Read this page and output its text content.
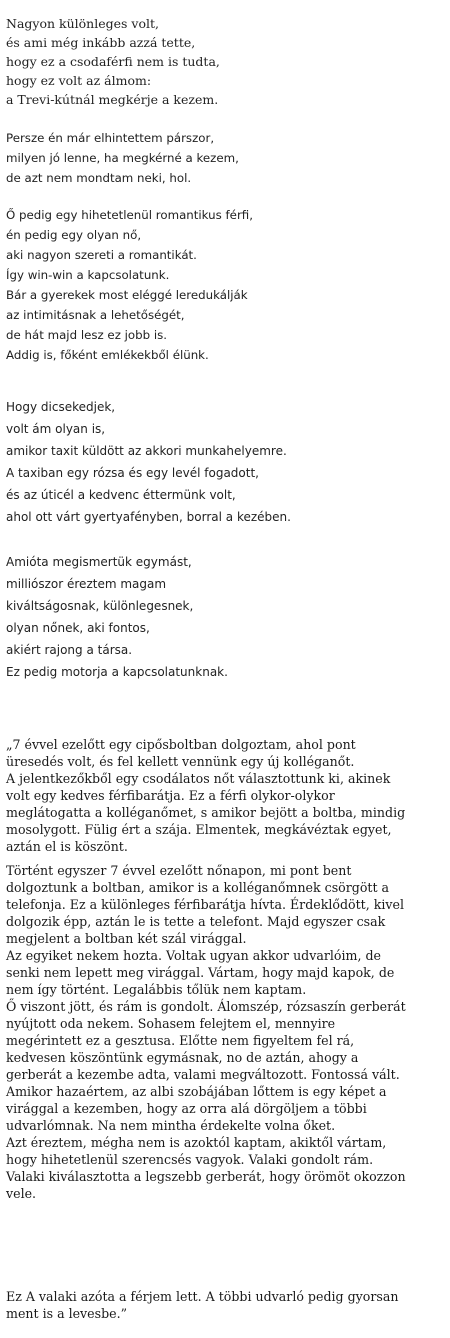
Nagyon különleges volt,
és ami még inkább azzá tette,
hogy ez a csodaférfi nem is tudta,
hogy ez volt az álmom:
a Trevi-kútnál megkérje a kezem.
Persze én már elhintettem párszor,
milyen jó lenne, ha megkérné a kezem,
de azt nem mondtam neki, hol.
Ő pedig egy hihetetlenül romantikus férfi,
én pedig egy olyan nő,
aki nagyon szereti a romantikát.
Így win-win a kapcsolatunk.
Bár a gyerekek most eléggé leredukálják
az intimitásnak a lehetőségét,
de hát majd lesz ez jobb is.
Addig is, főként emlékekből élünk.
Hogy dicsekedjek,
volt ám olyan is,
amikor taxit küldött az akkori munkahelyemre.
A taxiban egy rózsa és egy levél fogadott,
és az úticél a kedvenc éttermünk volt,
ahol ott várt gyertyafényben, borral a kezében.
Amióta megismertük egymást,
milliószor éreztem magam
kiváltságosnak, különlegesnek,
olyan nőnek, aki fontos,
akiért rajong a társa.
Ez pedig motorja a kapcsolatunknak.
„7 évvel ezelőtt egy cipősboltban dolgoztam, ahol pont
üresedés volt, és fel kellett vennünk egy új kolléganőt.
A jelentkezőkből egy csodálatos nőt választottunk ki, akinek
volt egy kedves férfibarátja. Ez a férfi olykor-olykor
meglátogatta a kolléganőmet, s amikor bejött a boltba, mindig
mosolygott. Fülig ért a szája. Elmentek, megkávéztak egyet,
aztán el is köszönt.
Történt egyszer 7 évvel ezelőtt nőnapon, mi pont bent
dolgoztunk a boltban, amikor is a kolléganőmnek csörgött a
telefonja. Ez a különleges férfibarátja hívta. Érdeklődött, kivel
dolgozik épp, aztán le is tette a telefont. Majd egyszer csak
megjelent a boltban két szál virággal.
Az egyiket nekem hozta. Voltak ugyan akkor udvarlóim, de
senki nem lepett meg virággal. Vártam, hogy majd kapok, de
nem így történt. Legalábbis tőlük nem kaptam.
Ő viszont jött, és rám is gondolt. Álomszép, rózsaszín gerberát
nyújtott oda nekem. Sohasem felejtem el, mennyire
megérintett ez a gesztusa. Előtte nem figyeltem fel rá,
kedvesen köszöntünk egymásnak, no de aztán, ahogy a
gerberát a kezembe adta, valami megváltozott. Fontossá vált.
Amikor hazaértem, az albi szobájában lőttem is egy képet a
virággal a kezemben, hogy az orra alá dörgöljem a többi
udvarlómnak. Na nem mintha érdekelte volna őket.
Azt éreztem, mégha nem is azoktól kaptam, akiktől vártam,
hogy hihetetlenül szerencsés vagyok. Valaki gondolt rám.
Valaki kiválasztotta a legszebb gerberát, hogy örömöt okozzon
vele.
Ez A valaki azóta a férjem lett. A többi udvarló pedig gyorsan
ment is a levesbe.”
